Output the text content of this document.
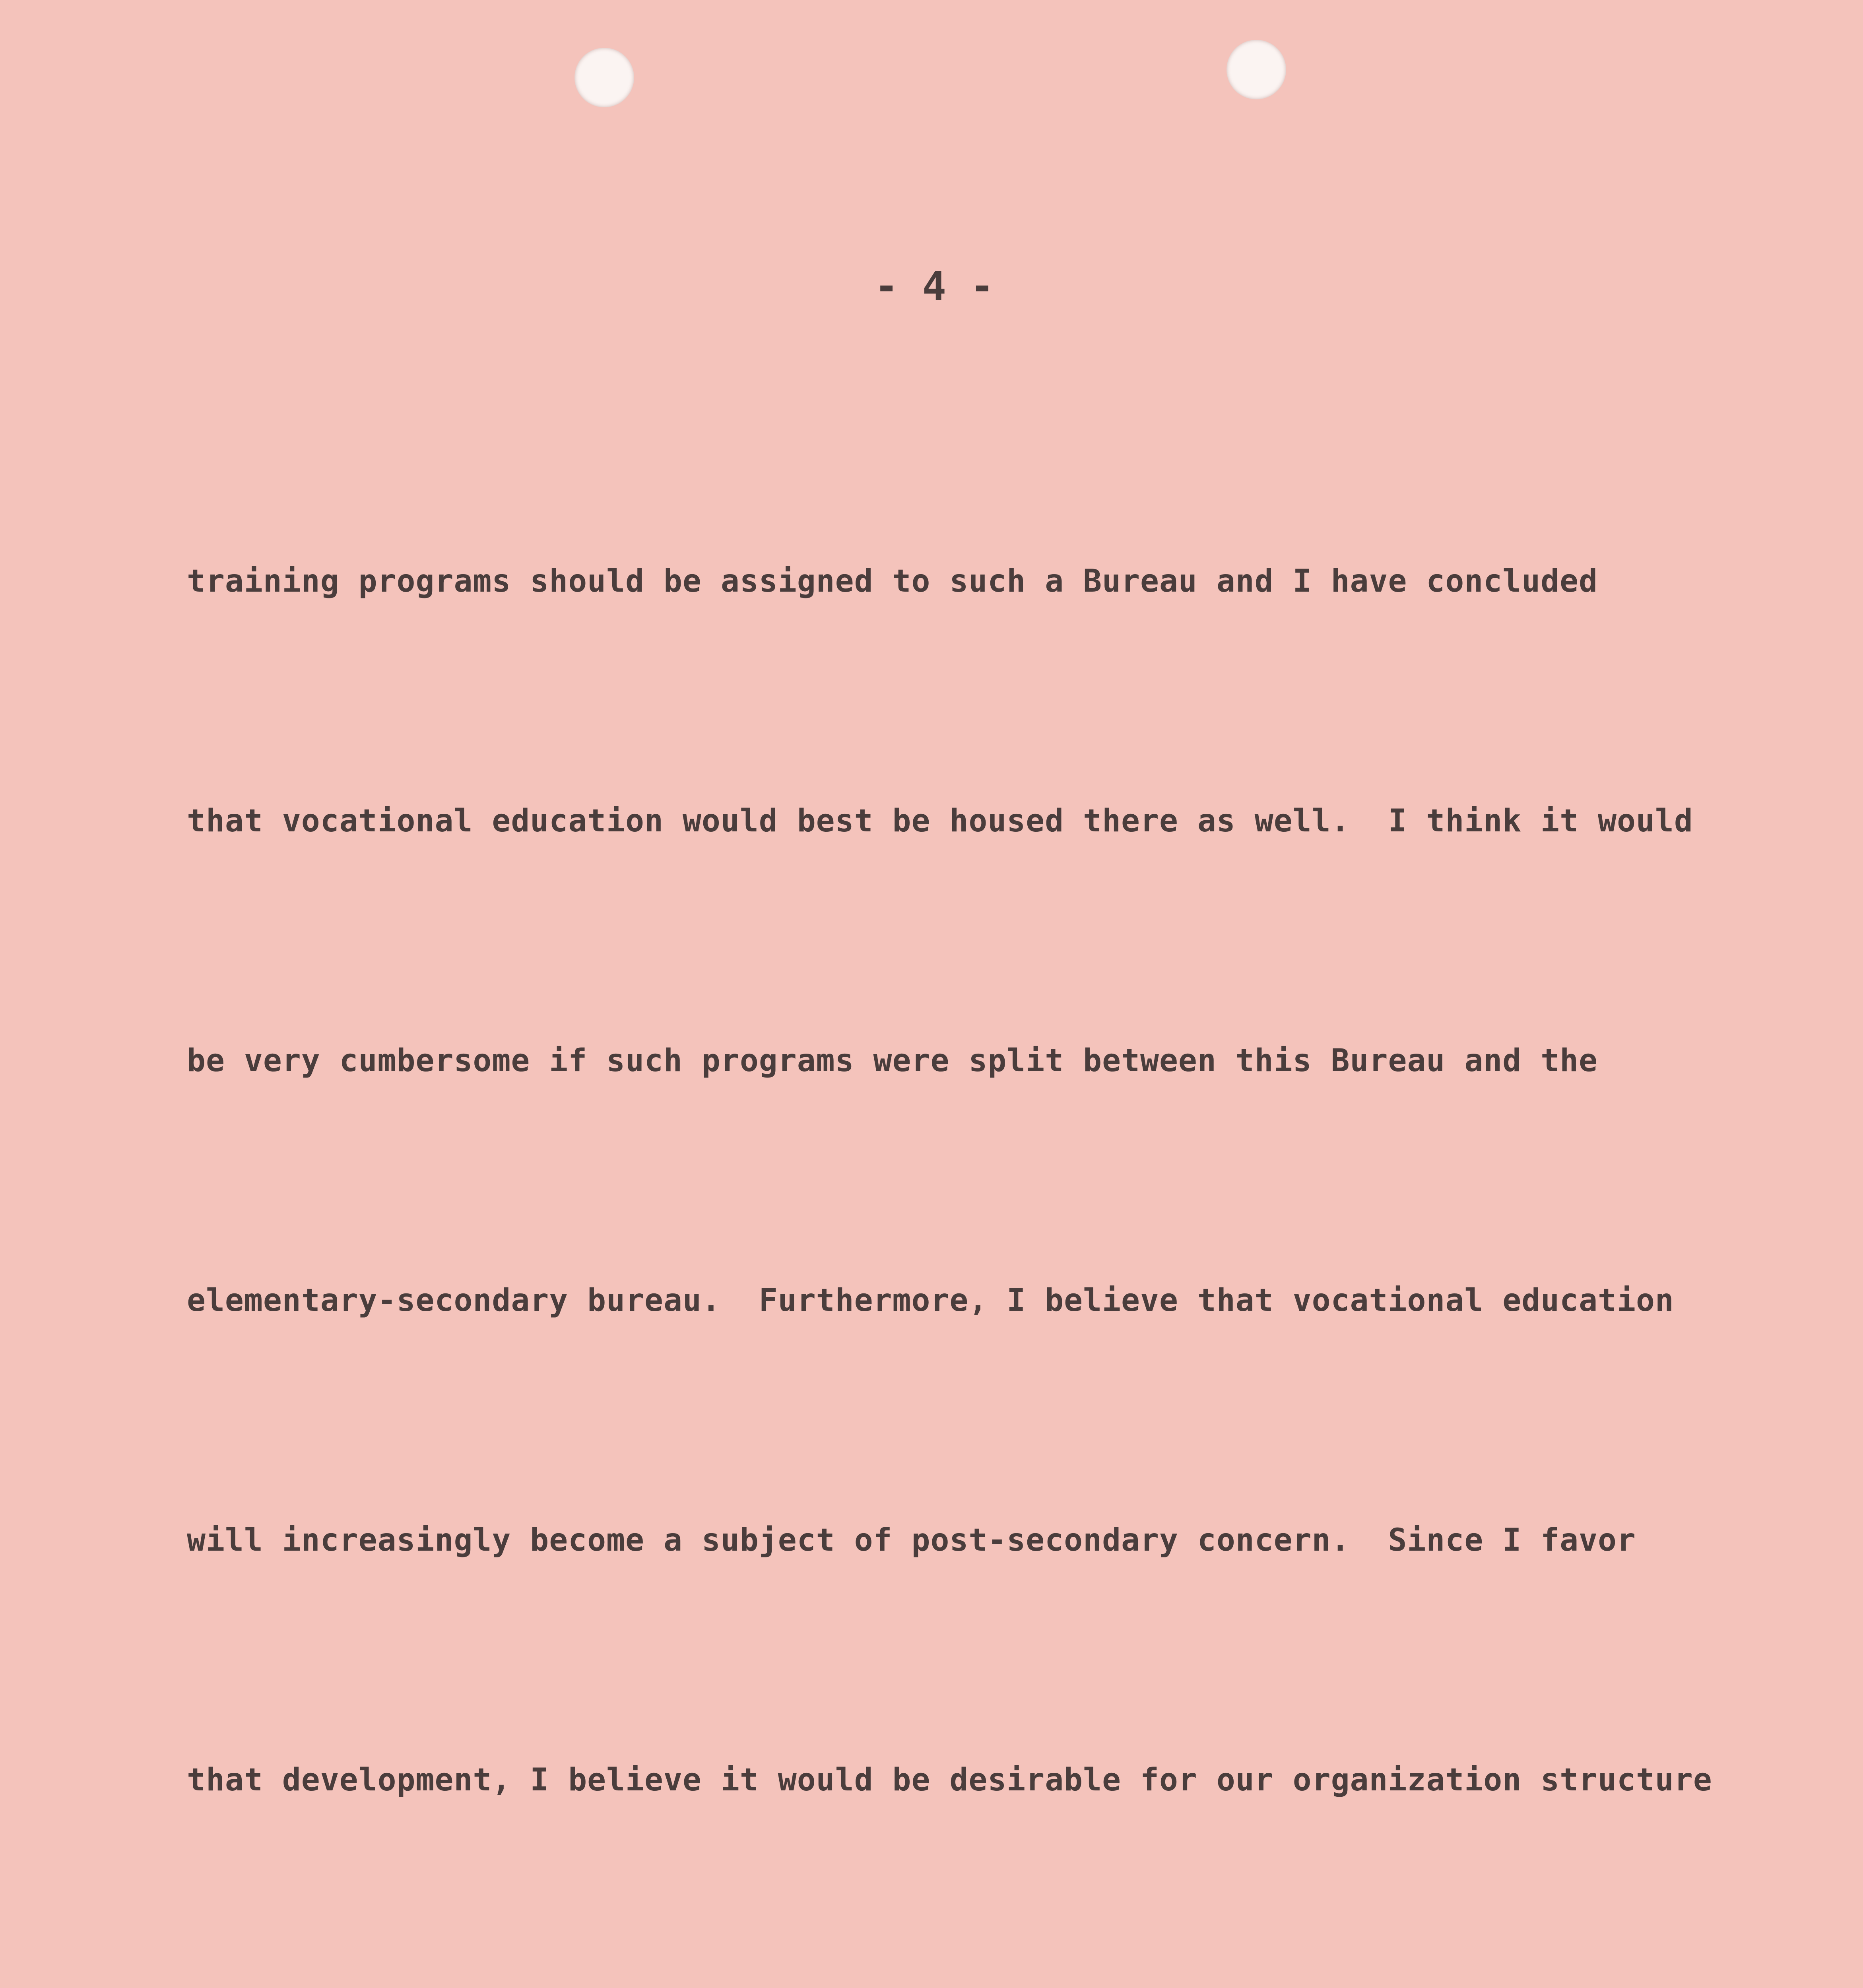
- 4 -

training programs should be assigned to such a Bureau and I have concluded

that vocational education would best be housed there as well.  I think it would

be very cumbersome if such programs were split between this Bureau and the

elementary-secondary bureau.  Furthermore, I believe that vocational education

will increasingly become a subject of post-secondary concern.  Since I favor

that development, I believe it would be desirable for our organization structure
